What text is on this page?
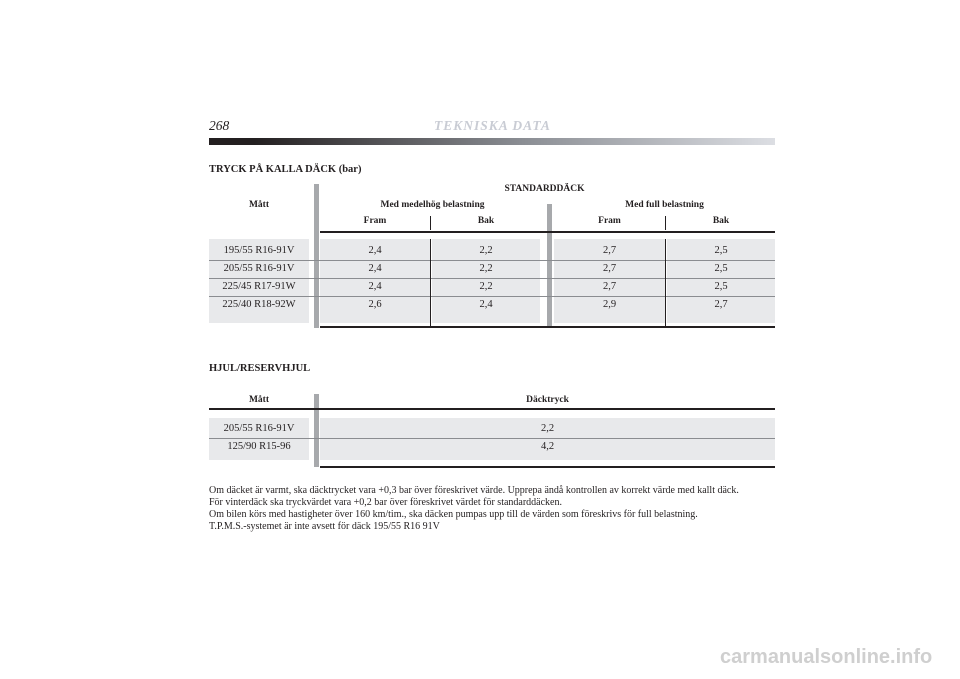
268	TEKNISKA DATA
TRYCK PÅ KALLA DÄCK (bar)
STANDARDDÄCK
Mått	Med medelhög belastning	Med full belastning
Fram	Bak	Fram	Bak
195/55 R16-91V	2,4	2,2	2,7	2,5
205/55 R16-91V	2,4	2,2	2,7	2,5
225/45 R17-91W	2,4	2,2	2,7	2,5
225/40 R18-92W	2,6	2,4	2,9	2,7
HJUL/RESERVHJUL
Mått	Däcktryck
205/55 R16-91V	2,2
125/90 R15-96	4,2
Om däcket är varmt, ska däcktrycket vara +0,3 bar över föreskrivet värde. Upprepa ändå kontrollen av korrekt värde med kallt däck.
För vinterdäck ska tryckvärdet vara +0,2 bar över föreskrivet värdet för standarddäcken.
Om bilen körs med hastigheter över 160 km/tim., ska däcken pumpas upp till de värden som föreskrivs för full belastning.
T.P.M.S.-systemet är inte avsett för däck 195/55 R16 91V
carmanualsonline.info
